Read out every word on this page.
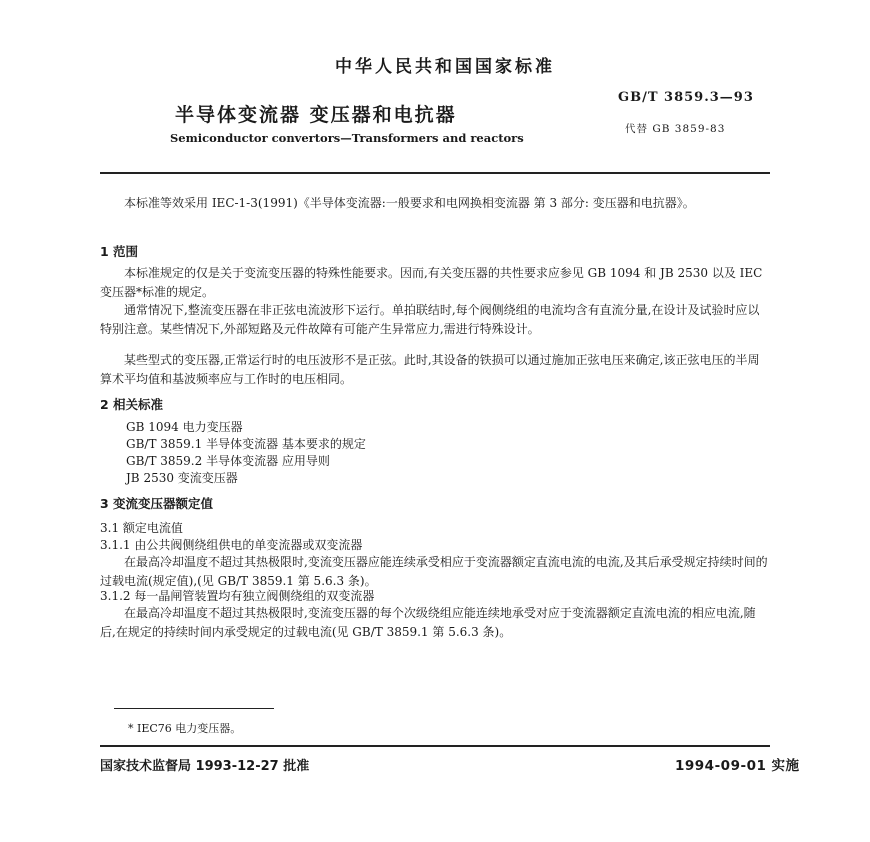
中华人民共和国国家标准
半导体变流器 变压器和电抗器
Semiconductor convertors—Transformers and reactors
GB/T 3859.3—93
代替 GB 3859-83
本标准等效采用 IEC-1-3(1991)《半导体变流器:一般要求和电网换相变流器 第 3 部分: 变压器和电抗器》。
1 范围
本标准规定的仅是关于变流变压器的特殊性能要求。因而,有关变压器的共性要求应参见 GB 1094 和 JB 2530 以及 IEC 变压器*标准的规定。
通常情况下,整流变压器在非正弦电流波形下运行。单拍联结时,每个阀侧绕组的电流均含有直流分量,在设计及试验时应以特别注意。某些情况下,外部短路及元件故障有可能产生异常应力,需进行特殊设计。
某些型式的变压器,正常运行时的电压波形不是正弦。此时,其设备的铁损可以通过施加正弦电压来确定,该正弦电压的半周算术平均值和基波频率应与工作时的电压相同。
2 相关标准
GB 1094 电力变压器
GB/T 3859.1 半导体变流器 基本要求的规定
GB/T 3859.2 半导体变流器 应用导则
JB 2530 变流变压器
3 变流变压器额定值
3.1 额定电流值
3.1.1 由公共阀侧绕组供电的单变流器或双变流器
在最高冷却温度不超过其热极限时,变流变压器应能连续承受相应于变流器额定直流电流的电流,及其后承受规定持续时间的过载电流(规定值),(见 GB/T 3859.1 第 5.6.3 条)。
3.1.2 每一晶闸管装置均有独立阀侧绕组的双变流器
在最高冷却温度不超过其热极限时,变流变压器的每个次级绕组应能连续地承受对应于变流器额定直流电流的相应电流,随后,在规定的持续时间内承受规定的过载电流(见 GB/T 3859.1 第 5.6.3 条)。
* IEC76 电力变压器。
国家技术监督局 1993-12-27 批准	1994-09-01 实施
